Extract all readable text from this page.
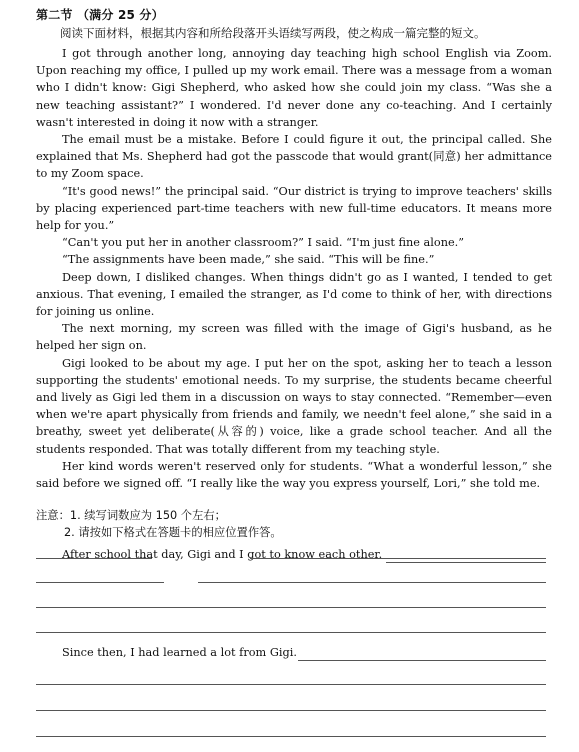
第二节 （满分 25 分）
阅读下面材料，根据其内容和所给段落开头语续写两段，使之构成一篇完整的短文。

I got through another long, annoying day teaching high school English via Zoom. Upon reaching my office, I pulled up my work email. There was a message from a woman who I didn't know: Gigi Shepherd, who asked how she could join my class. “Was she a new teaching assistant?” I wondered. I'd never done any co-teaching. And I certainly wasn't interested in doing it now with a stranger.

The email must be a mistake. Before I could figure it out, the principal called. She explained that Ms. Shepherd had got the passcode that would grant(同意) her admittance to my Zoom space.

“It's good news!” the principal said. “Our district is trying to improve teachers' skills by placing experienced part-time teachers with new full-time educators. It means more help for you.”

“Can't you put her in another classroom?” I said. “I'm just fine alone.”

“The assignments have been made,” she said. “This will be fine.”

Deep down, I disliked changes. When things didn't go as I wanted, I tended to get anxious. That evening, I emailed the stranger, as I'd come to think of her, with directions for joining us online.

The next morning, my screen was filled with the image of Gigi's husband, as he helped her sign on.

Gigi looked to be about my age. I put her on the spot, asking her to teach a lesson supporting the students' emotional needs. To my surprise, the students became cheerful and lively as Gigi led them in a discussion on ways to stay connected. “Remember—even when we're apart physically from friends and family, we needn't feel alone,” she said in a breathy, sweet yet deliberate(从容的) voice, like a grade school teacher. And all the students responded. That was totally different from my teaching style.

Her kind words weren't reserved only for students. “What a wonderful lesson,” she said before we signed off. “I really like the way you express yourself, Lori,” she told me.

注意：1. 续写词数应为 150 个左右；
2. 请按如下格式在答题卡的相应位置作答。
After school that day, Gigi and I got to know each other.
Since then, I had learned a lot from Gigi.
